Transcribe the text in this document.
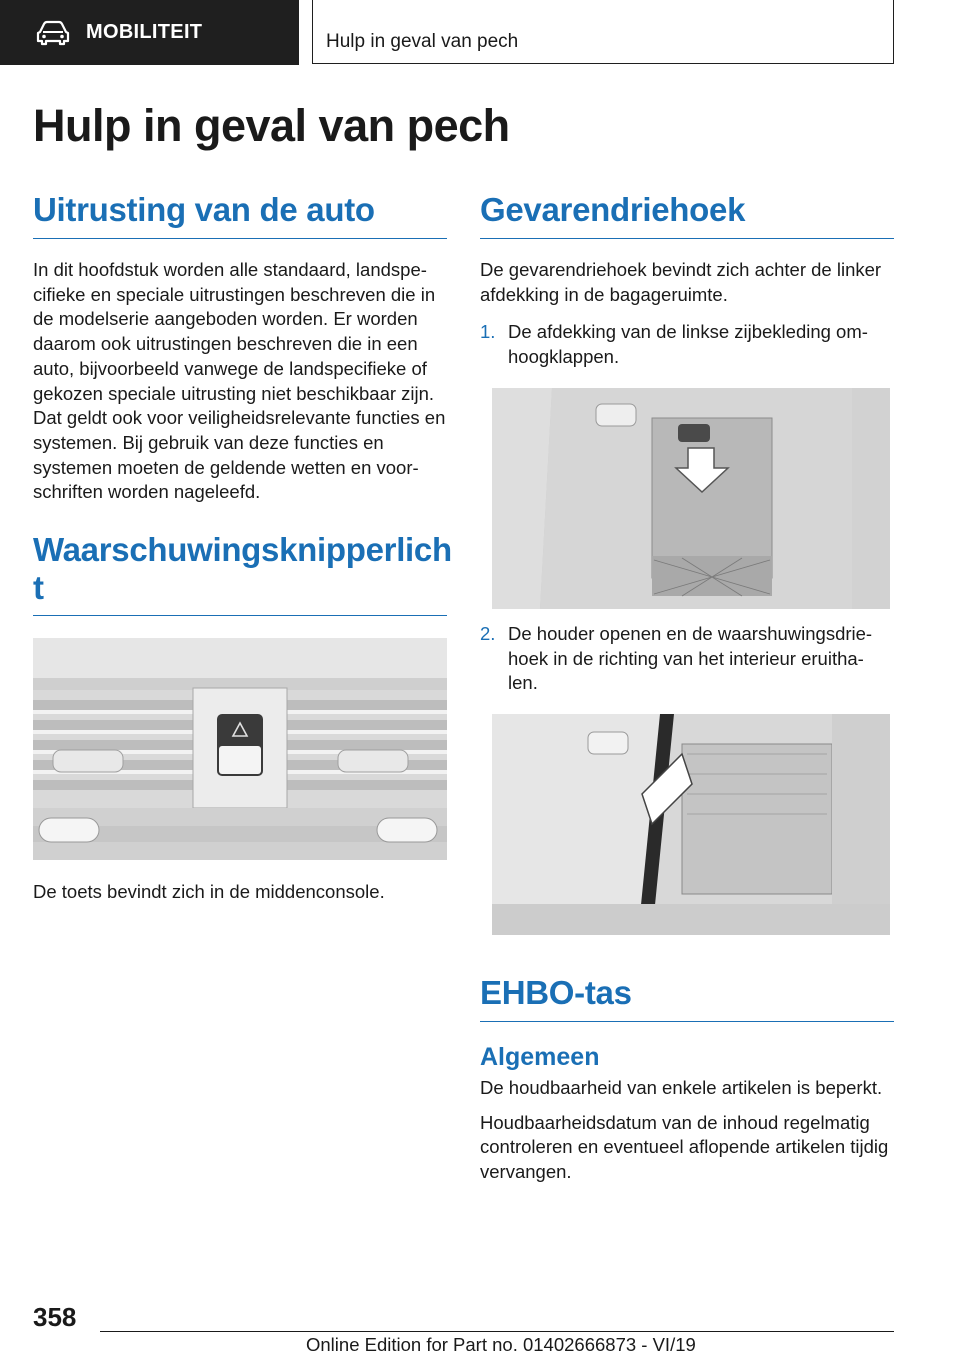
MOBILITEIT	Hulp in geval van pech
Hulp in geval van pech
Uitrusting van de auto

In dit hoofdstuk worden alle standaard, landspecifieke en speciale uitrustingen beschreven die in de modelserie aangeboden worden. Er worden daarom ook uitrustingen beschreven die in een auto, bijvoorbeeld vanwege de landspecifieke of gekozen speciale uitrusting niet beschikbaar zijn. Dat geldt ook voor veiligheidsrelevante functies en systemen. Bij gebruik van deze functies en systemen moeten de geldende wetten en voorschriften worden nageleefd.

Waarschuwingsknipperlich
t

De toets bevindt zich in de middenconsole.

Gevarendriehoek

De gevarendriehoek bevindt zich achter de linker afdekking in de bagageruimte.

1. De afdekking van de linkse zijbekleding om-
hoogklappen.
2. De houder openen en de waarshuwingsdrie-
hoek in de richting van het interieur eruitha-
len.
EHBO-tas
Algemeen

De houdbaarheid van enkele artikelen is beperkt.

Houdbaarheidsdatum van de inhoud regelmatig controleren en eventueel aflopende artikelen tijdig vervangen.

358
Online Edition for Part no. 01402666873 - VI/19
